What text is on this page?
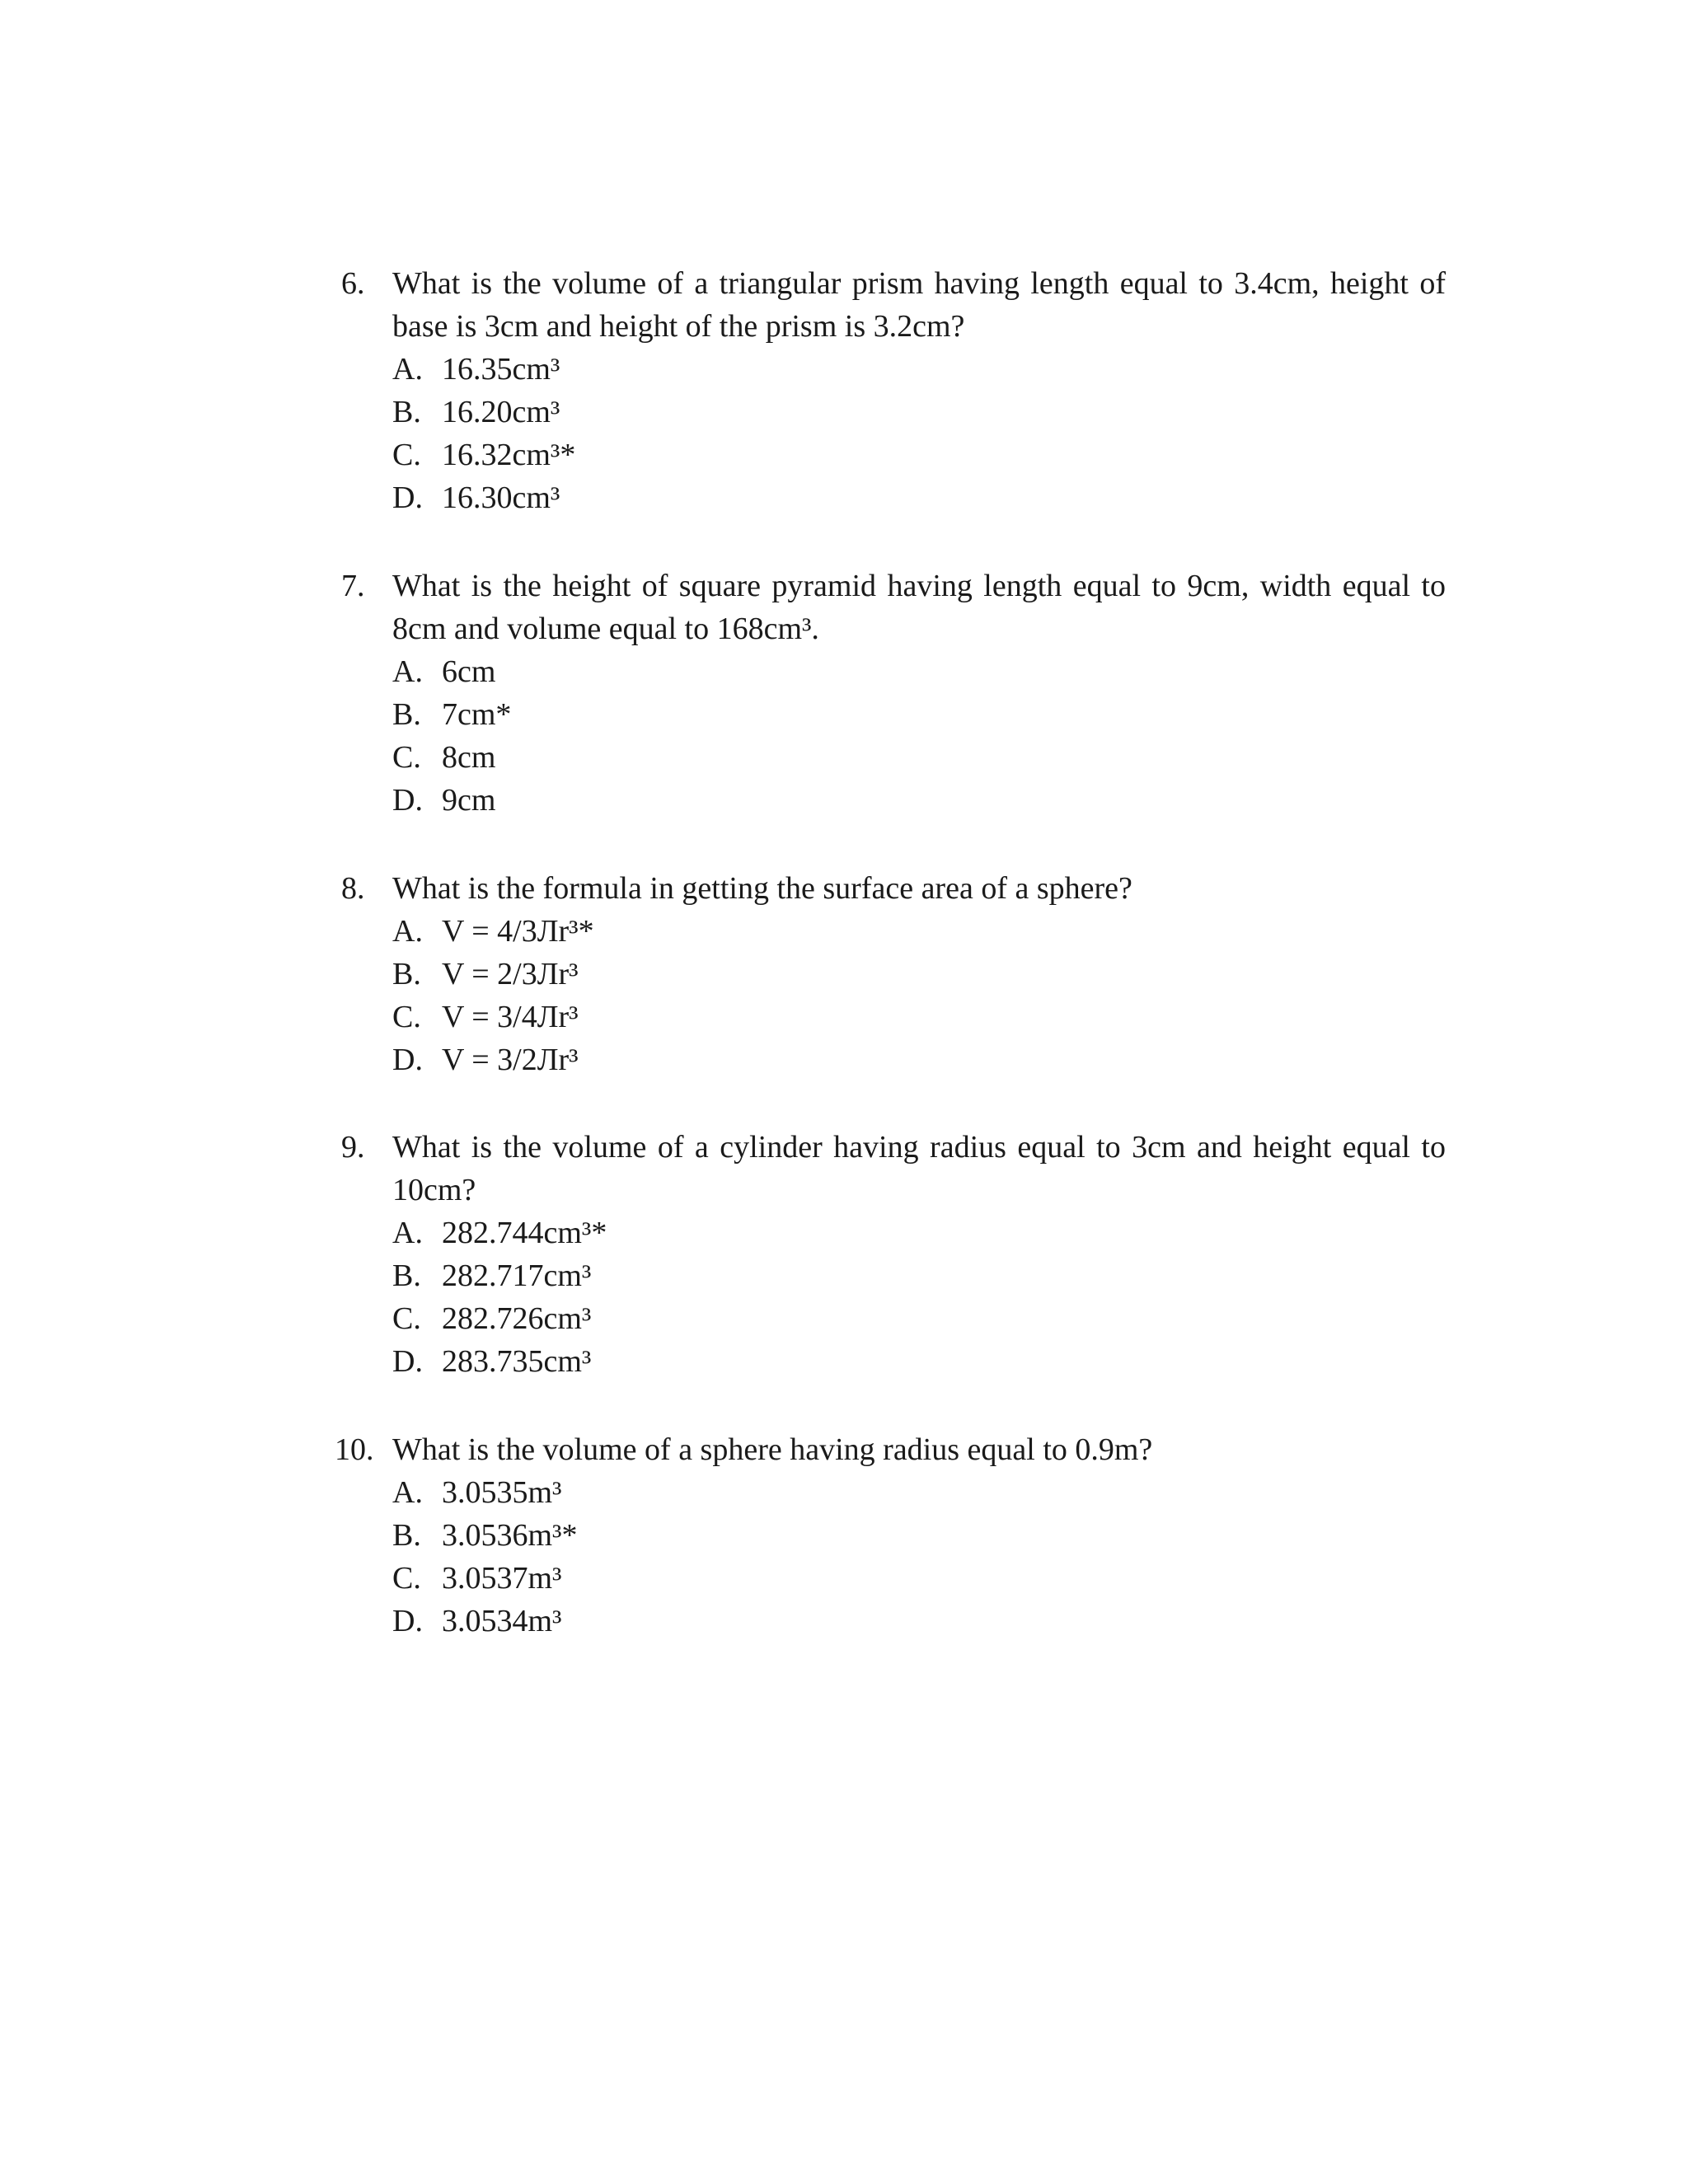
6. What is the volume of a triangular prism having length equal to 3.4cm, height of base is 3cm and height of the prism is 3.2cm?
A. 16.35cm³
B. 16.20cm³
C. 16.32cm³*
D. 16.30cm³
7. What is the height of square pyramid having length equal to 9cm, width equal to 8cm and volume equal to 168cm³.
A. 6cm
B. 7cm*
C. 8cm
D. 9cm
8. What is the formula in getting the surface area of a sphere?
A. V = 4/3Лr³*
B. V = 2/3Лr³
C. V = 3/4Лr³
D. V = 3/2Лr³
9. What is the volume of a cylinder having radius equal to 3cm and height equal to 10cm?
A. 282.744cm³*
B. 282.717cm³
C. 282.726cm³
D. 283.735cm³
10. What is the volume of a sphere having radius equal to 0.9m?
A. 3.0535m³
B. 3.0536m³*
C. 3.0537m³
D. 3.0534m³
